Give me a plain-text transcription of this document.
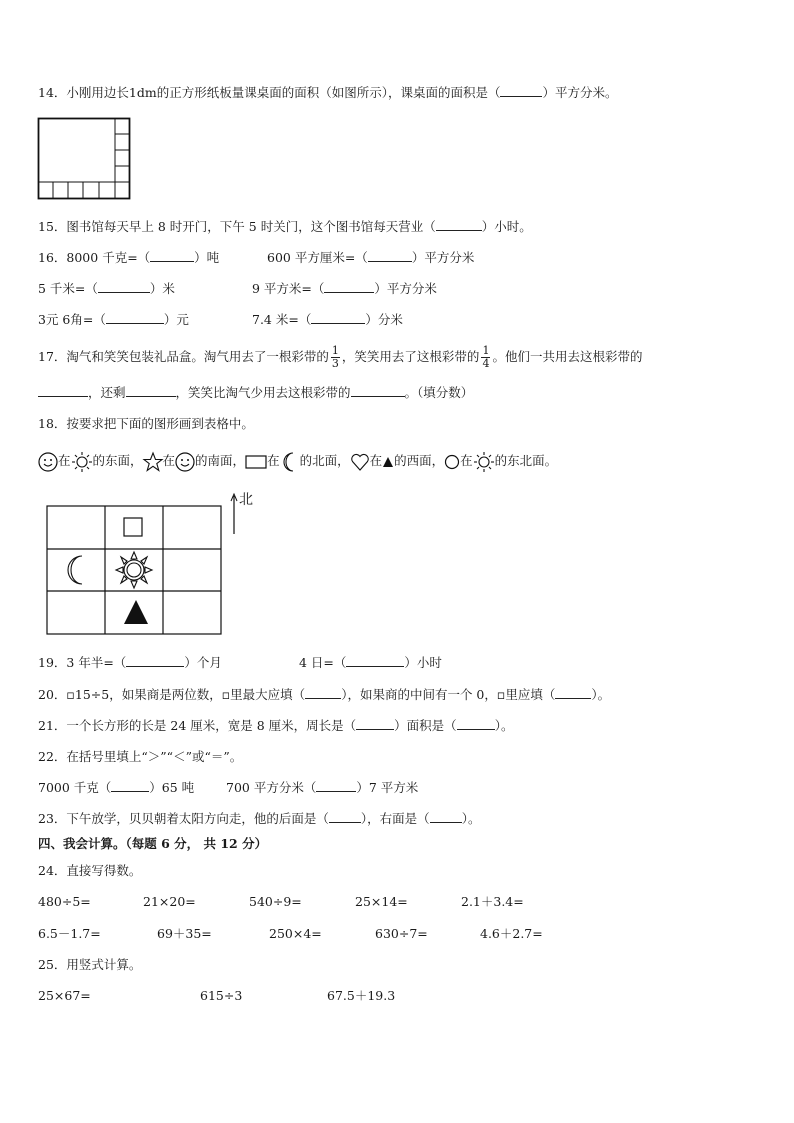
14．小刚用边长1dm的正方形纸板量课桌面的面积（如图所示），课桌面的面积是（	）平方分米。
15．图书馆每天早上 8 时开门，下午 5 时关门，这个图书馆每天营业（	）小时。
16．8000 千克=（	）吨	600 平方厘米=（	）平方分米
5 千米=（	）米	9 平方米=（	）平方分米
3元 6角=（	）元	7.4 米=（	）分米
17．淘气和笑笑包装礼品盒。淘气用去了一根彩带的 $\frac{1}{3}$ ，笑笑用去了这根彩带的 $\frac{1}{4}$ 。他们一共用去这根彩带的
，还剩	，笑笑比淘气少用去这根彩带的	。（填分数）
18．按要求把下面的图形画到表格中。
在 的东面， 在 的南面， 在 的北面， 在 的西面， 在 的东北面。
北
19．3 年半=（	）个月	4 日=（	）小时
20．▫15÷5，如果商是两位数，▫里最大应填（	），如果商的中间有一个 0，▫里应填（	）。
21．一个长方形的长是 24 厘米，宽是 8 厘米，周长是（	）面积是（	）。
22．在括号里填上“＞”“＜”或“＝”。
7000 千克（	）65 吨	700 平方分米（	）7 平方米
23．下午放学，贝贝朝着太阳方向走，他的后面是（	），右面是（	）。
四、我会计算。（每题 6 分， 共 12 分）
24．直接写得数。
480÷5=	21×20=	540÷9=	25×14=	2.1＋3.4=
6.5－1.7=	69＋35=	250×4=	630÷7=	4.6＋2.7=
25．用竖式计算。
25×67=	615÷3	67.5＋19.3
